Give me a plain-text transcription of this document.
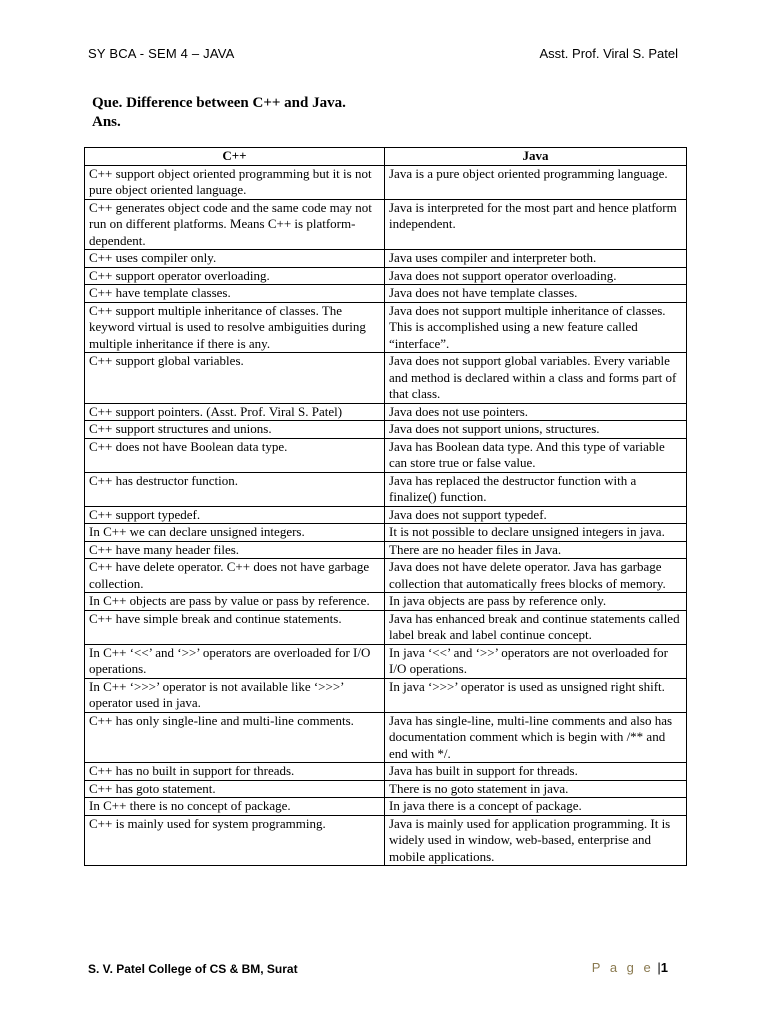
SY BCA - SEM 4 – JAVA	Asst. Prof. Viral S. Patel
Que. Difference between C++ and Java.
Ans.
C++	Java
C++ support object oriented programming but it is not pure object oriented language.	Java is a pure object oriented programming language.
C++ generates object code and the same code may not run on different platforms. Means C++ is platform-dependent.	Java is interpreted for the most part and hence platform independent.
C++ uses compiler only.	Java uses compiler and interpreter both.
C++ support operator overloading.	Java does not support operator overloading.
C++ have template classes.	Java does not have template classes.
C++ support multiple inheritance of classes. The keyword virtual is used to resolve ambiguities during multiple inheritance if there is any.	Java does not support multiple inheritance of classes. This is accomplished using a new feature called “interface”.
C++ support global variables.	Java does not support global variables. Every variable and method is declared within a class and forms part of that class.
C++ support pointers. (Asst. Prof. Viral S. Patel)	Java does not use pointers.
C++ support structures and unions.	Java does not support unions, structures.
C++ does not have Boolean data type.	Java has Boolean data type. And this type of variable can store true or false value.
C++ has destructor function.	Java has replaced the destructor function with a finalize() function.
C++ support typedef.	Java does not support typedef.
In C++ we can declare unsigned integers.	It is not possible to declare unsigned integers in java.
C++ have many header files.	There are no header files in Java.
C++ have delete operator. C++ does not have garbage collection.	Java does not have delete operator. Java has garbage collection that automatically frees blocks of memory.
In C++ objects are pass by value or pass by reference.	In java objects are pass by reference only.
C++ have simple break and continue statements.	Java has enhanced break and continue statements called label break and label continue concept.
In C++ ‘<<’ and ‘>>’ operators are overloaded for I/O operations.	In java ‘<<’ and ‘>>’ operators are not overloaded for I/O operations.
In C++ ‘>>>’ operator is not available like ‘>>>’ operator used in java.	In java ‘>>>’ operator is used as unsigned right shift.
C++ has only single-line and multi-line comments.	Java has single-line, multi-line comments and also has documentation comment which is begin with /** and end with */.
C++ has no built in support for threads.	Java has built in support for threads.
C++ has goto statement.	There is no goto statement in java.
In C++ there is no concept of package.	In java there is a concept of package.
C++ is mainly used for system programming.	Java is mainly used for application programming. It is widely used in window, web-based, enterprise and mobile applications.
S. V. Patel College of CS & BM, Surat	P a g e |1
